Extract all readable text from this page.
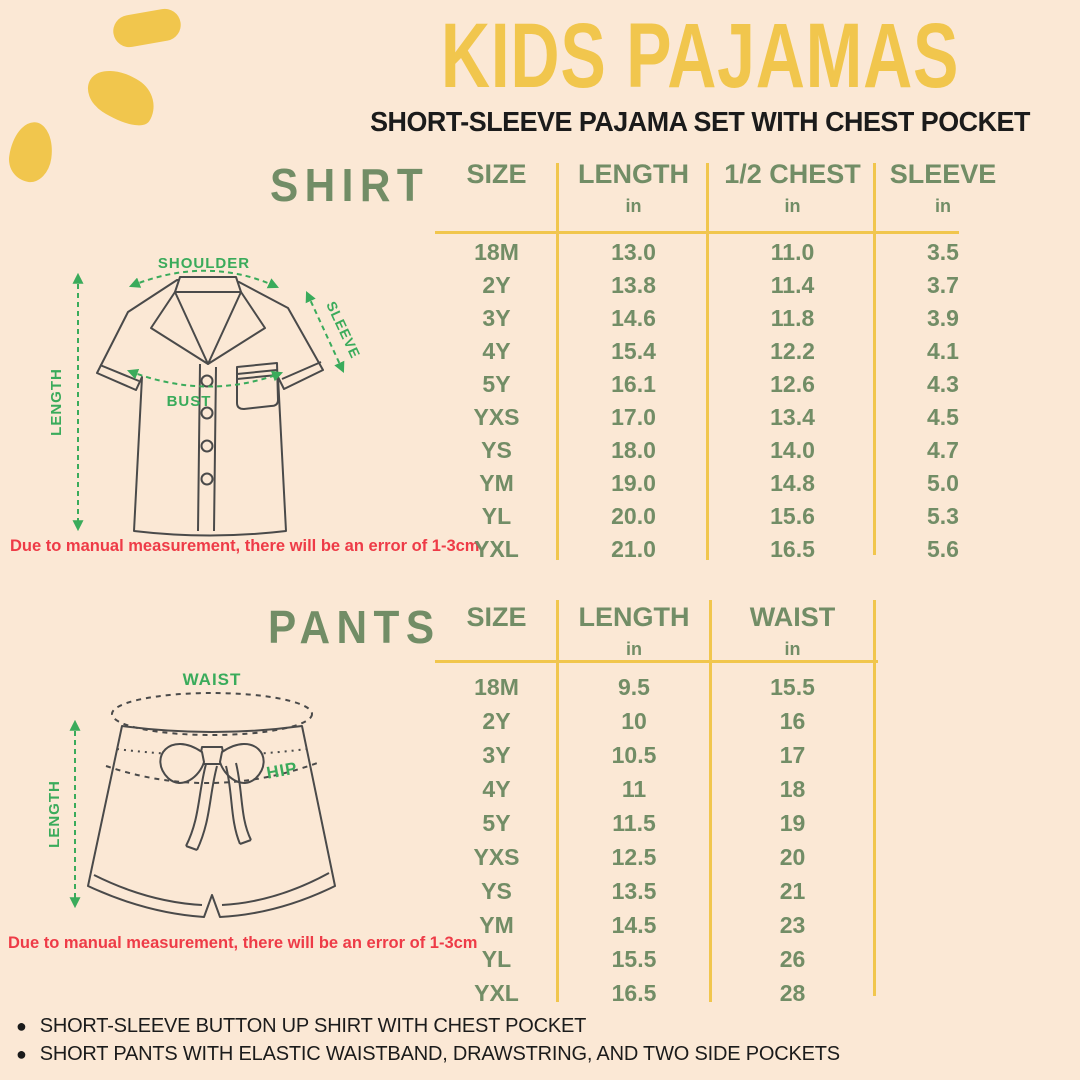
KIDS PAJAMAS
SHORT-SLEEVE PAJAMA SET WITH CHEST POCKET
SHIRT
SHOULDER
SLEEVE
LENGTH	BUST
Due to manual measurement, there will be an error of 1-3cm
SIZE LENGTH
in
1/2 CHEST
in
SLEEVE
in
18M	13.0	11.0	3.5
2Y	13.8	11.4	3.7
3Y	14.6	11.8	3.9
4Y	15.4	12.2	4.1
5Y	16.1	12.6	4.3
YXS	17.0	13.4	4.5
YS	18.0	14.0	4.7
YM	19.0	14.8	5.0
YL	20.0	15.6	5.3
YXL	21.0	16.5	5.6
PANTS
WAIST
HIP
LENGTH
Due to manual measurement, there will be an error of 1-3cm
SIZE LENGTH
in
WAIST
in
18M	9.5	15.5
2Y	10	16
3Y	10.5	17
4Y	11	18
5Y	11.5	19
YXS	12.5	20
YS	13.5	21
YM	14.5	23
YL	15.5	26
YXL	16.5	28
● SHORT-SLEEVE BUTTON UP SHIRT WITH CHEST POCKET
● SHORT PANTS WITH ELASTIC WAISTBAND, DRAWSTRING, AND TWO SIDE POCKETS
